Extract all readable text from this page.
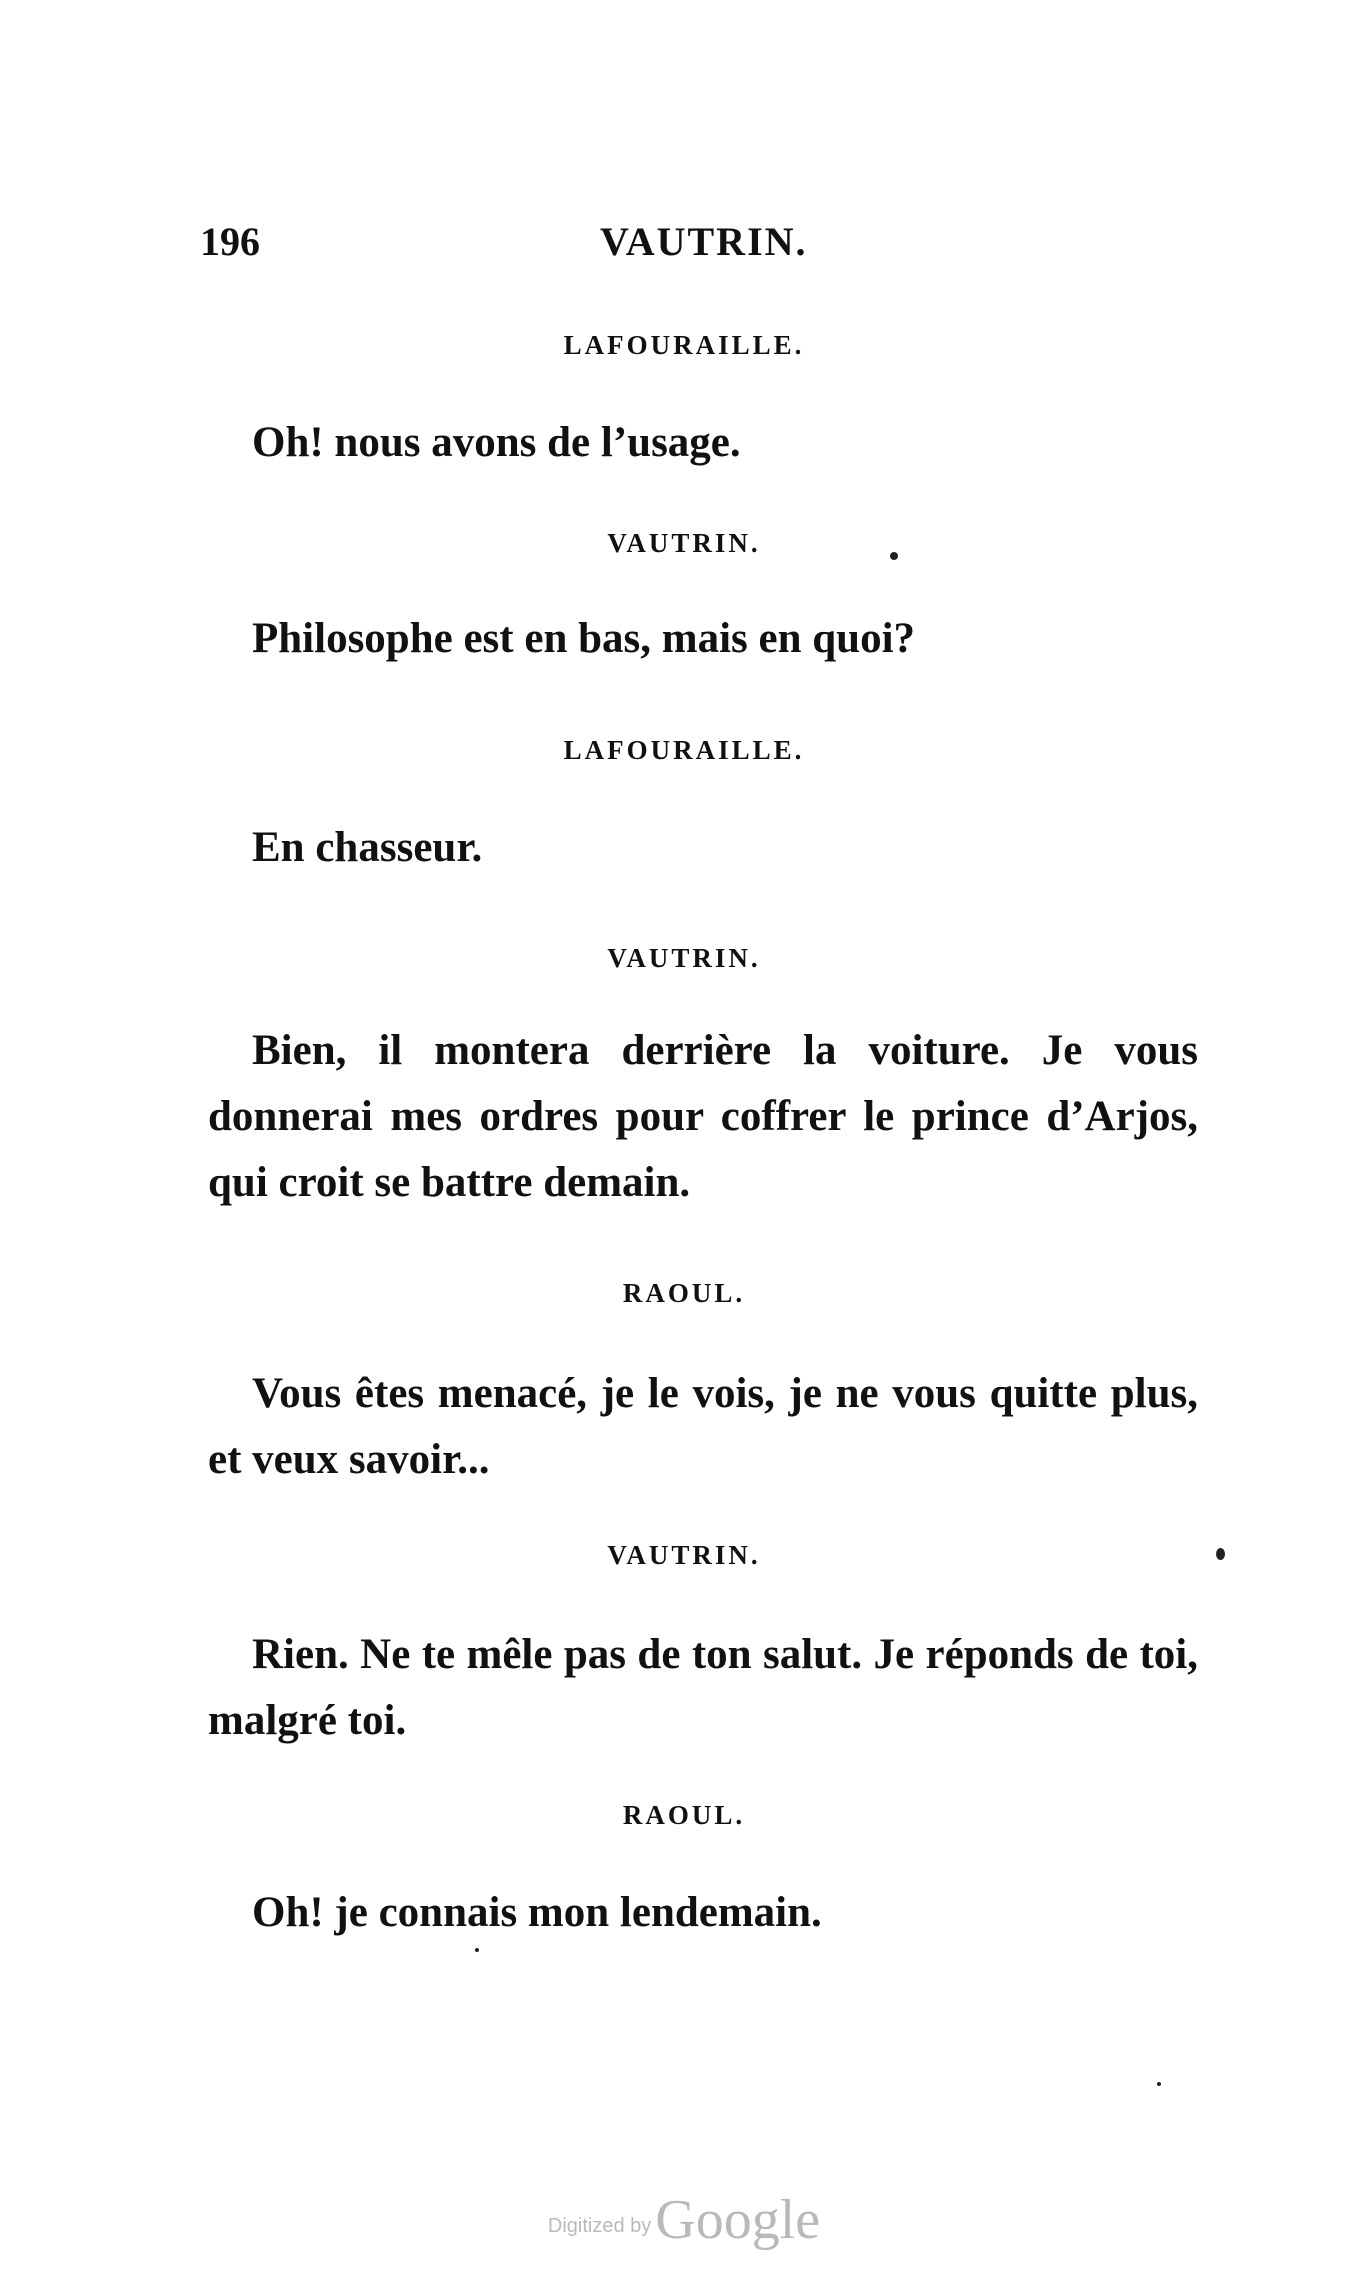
196	VAUTRIN.
LAFOURAILLE.
Oh! nous avons de l’usage.
VAUTRIN.
Philosophe est en bas, mais en quoi?
LAFOURAILLE.
En chasseur.
VAUTRIN.
Bien, il montera derrière la voiture. Je vous donnerai mes ordres pour coffrer le prince d’Arjos, qui croit se battre demain.
RAOUL.
Vous êtes menacé, je le vois, je ne vous quitte plus, et veux savoir...
VAUTRIN.
Rien. Ne te mêle pas de ton salut. Je réponds de toi, malgré toi.
RAOUL.
Oh! je connais mon lendemain.
Digitized by Google
